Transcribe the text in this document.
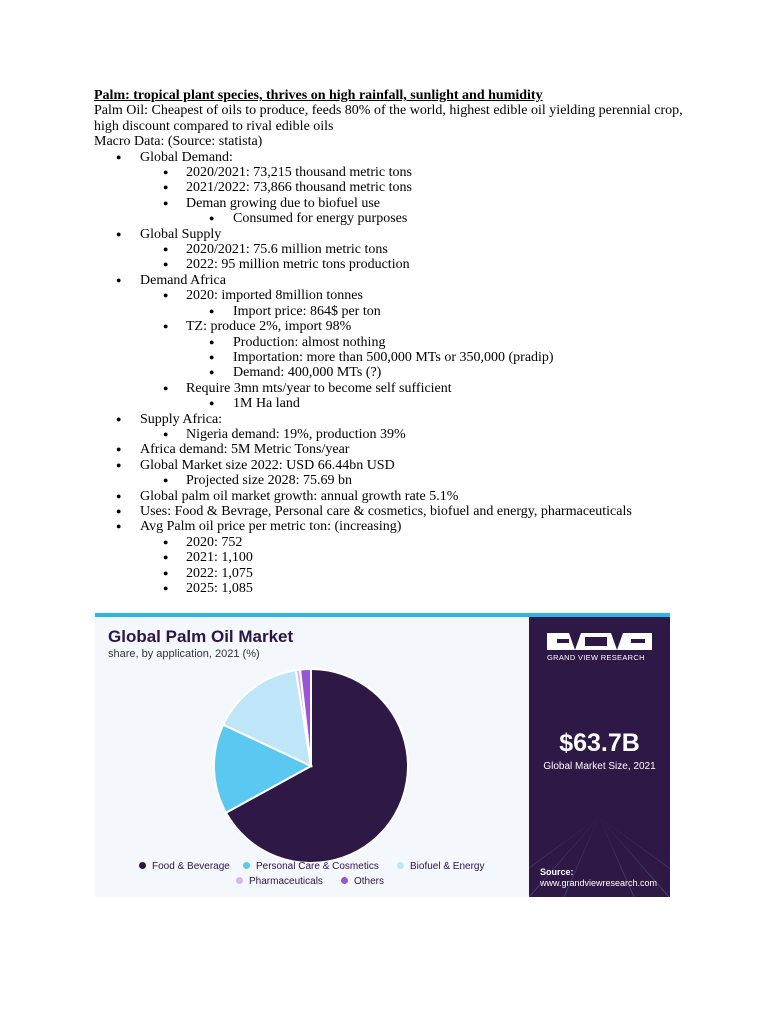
Palm: tropical plant species, thrives on high rainfall, sunlight and humidity
Palm Oil: Cheapest of oils to produce, feeds 80% of the world, highest edible oil yielding perennial crop, high discount compared to rival edible oils
Macro Data: (Source: statista)
● Global Demand:
● 2020/2021: 73,215 thousand metric tons
● 2021/2022: 73,866 thousand metric tons
● Deman growing due to biofuel use
● Consumed for energy purposes
● Global Supply
● 2020/2021: 75.6 million metric tons
● 2022: 95 million metric tons production
● Demand Africa
● 2020: imported 8million tonnes
● Import price: 864$ per ton
● TZ: produce 2%, import 98%
● Production: almost nothing
● Importation: more than 500,000 MTs or 350,000 (pradip)
● Demand: 400,000 MTs (?)
● Require 3mn mts/year to become self sufficient
● 1M Ha land
● Supply Africa:
● Nigeria demand: 19%, production 39%
● Africa demand: 5M Metric Tons/year
● Global Market size 2022: USD 66.44bn USD
● Projected size 2028: 75.69 bn
● Global palm oil market growth: annual growth rate 5.1%
● Uses: Food & Bevrage, Personal care & cosmetics, biofuel and energy, pharmaceuticals
● Avg Palm oil price per metric ton: (increasing)
● 2020: 752
● 2021: 1,100
● 2022: 1,075
● 2025: 1,085
Global Palm Oil Market
share, by application, 2021 (%)
Food & Beverage	Personal Care & Cosmetics	Biofuel & Energy
Pharmaceuticals	Others
GRAND VIEW RESEARCH
$63.7B
Global Market Size, 2021
Source:
www.grandviewresearch.com
